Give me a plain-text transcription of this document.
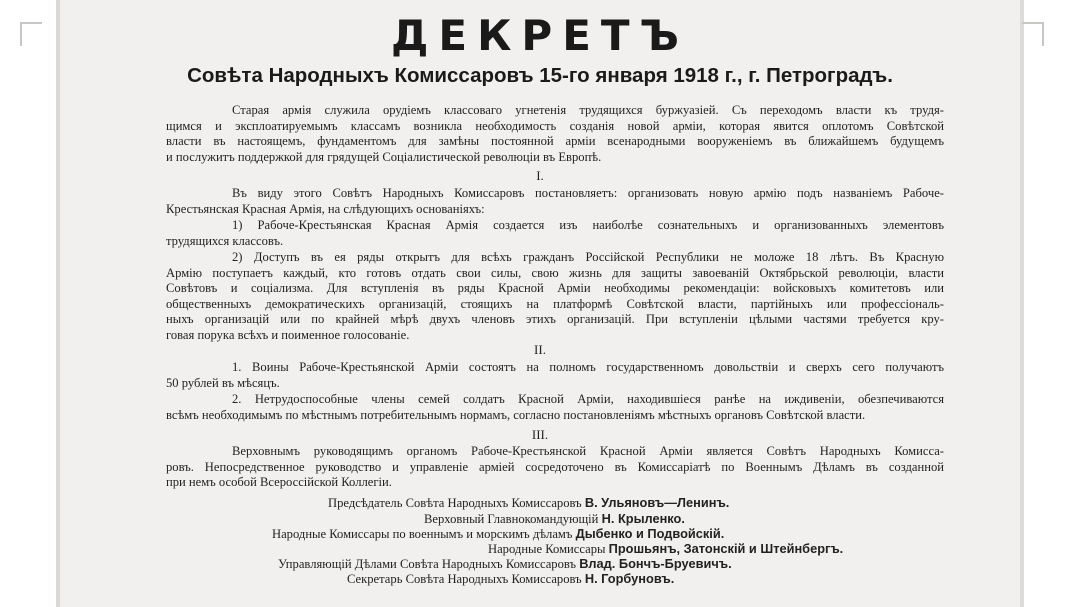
ДЕКРЕТЪ
Совѣта Народныхъ Комиссаровъ 15-го января 1918 г., г. Петроградъ.
Старая армія служила орудіемъ классоваго угнетенія трудящихся буржуазіей. Съ переходомъ власти къ трудя-
щимся и эксплоатируемымъ классамъ возникла необходимость созданія новой арміи, которая явится оплотомъ Совѣтской
власти въ настоящемъ, фундаментомъ для замѣны постоянной арміи всенародными вооруженіемъ въ ближайшемъ будущемъ
и послужитъ поддержкой для грядущей Соціалистической революціи въ Европѣ.
I.
Въ виду этого Совѣтъ Народныхъ Комиссаровъ постановляетъ: организовать новую армію подъ названіемъ Рабоче-
Крестьянская Красная Армія, на слѣдующихъ основаніяхъ:
1) Рабоче-Крестьянская Красная Армія создается изъ наиболѣе сознательныхъ и организованныхъ элементовъ
трудящихся классовъ.
2) Доступъ въ ея ряды открытъ для всѣхъ гражданъ Россійской Республики не моложе 18 лѣтъ. Въ Красную
Армію поступаетъ каждый, кто готовъ отдать свои силы, свою жизнь для защиты завоеваній Октябрьской революціи, власти
Совѣтовъ и соціализма. Для вступленія въ ряды Красной Арміи необходимы рекомендаціи: войсковыхъ комитетовъ или
общественныхъ демократическихъ организацій, стоящихъ на платформѣ Совѣтской власти, партійныхъ или профессіональ-
ныхъ организацій или по крайней мѣрѣ двухъ членовъ этихъ организацій. При вступленіи цѣлыми частями требуется кру-
говая порука всѣхъ и поименное голосованіе.
II.
1. Воины Рабоче-Крестьянской Арміи состоятъ на полномъ государственномъ довольствіи и сверхъ сего получаютъ
50 рублей въ мѣсяцъ.
2. Нетрудоспособные члены семей солдатъ Красной Арміи, находившіеся ранѣе на иждивеніи, обезпечиваются
всѣмъ необходимымъ по мѣстнымъ потребительнымъ нормамъ, согласно постановленіямъ мѣстныхъ органовъ Совѣтской власти.
III.
Верховнымъ руководящимъ органомъ Рабоче-Крестьянской Красной Арміи является Совѣтъ Народныхъ Комисса-
ровъ. Непосредственное руководство и управленіе арміей сосредоточено въ Комиссаріатѣ по Военнымъ Дѣламъ въ созданной
при немъ особой Всероссійской Коллегіи.
Предсѣдатель Совѣта Народныхъ Комиссаровъ В. Ульяновъ—Ленинъ.
Верховный Главнокомандующій Н. Крыленко.
Народные Комиссары по военнымъ и морскимъ дѣламъ Дыбенко и Подвойскій.
Народные Комиссары Прошьянъ, Затонскій и Штейнбергъ.
Управляющій Дѣлами Совѣта Народныхъ Комиссаровъ Влад. Бончъ-Бруевичъ.
Секретарь Совѣта Народныхъ Комиссаровъ Н. Горбуновъ.
